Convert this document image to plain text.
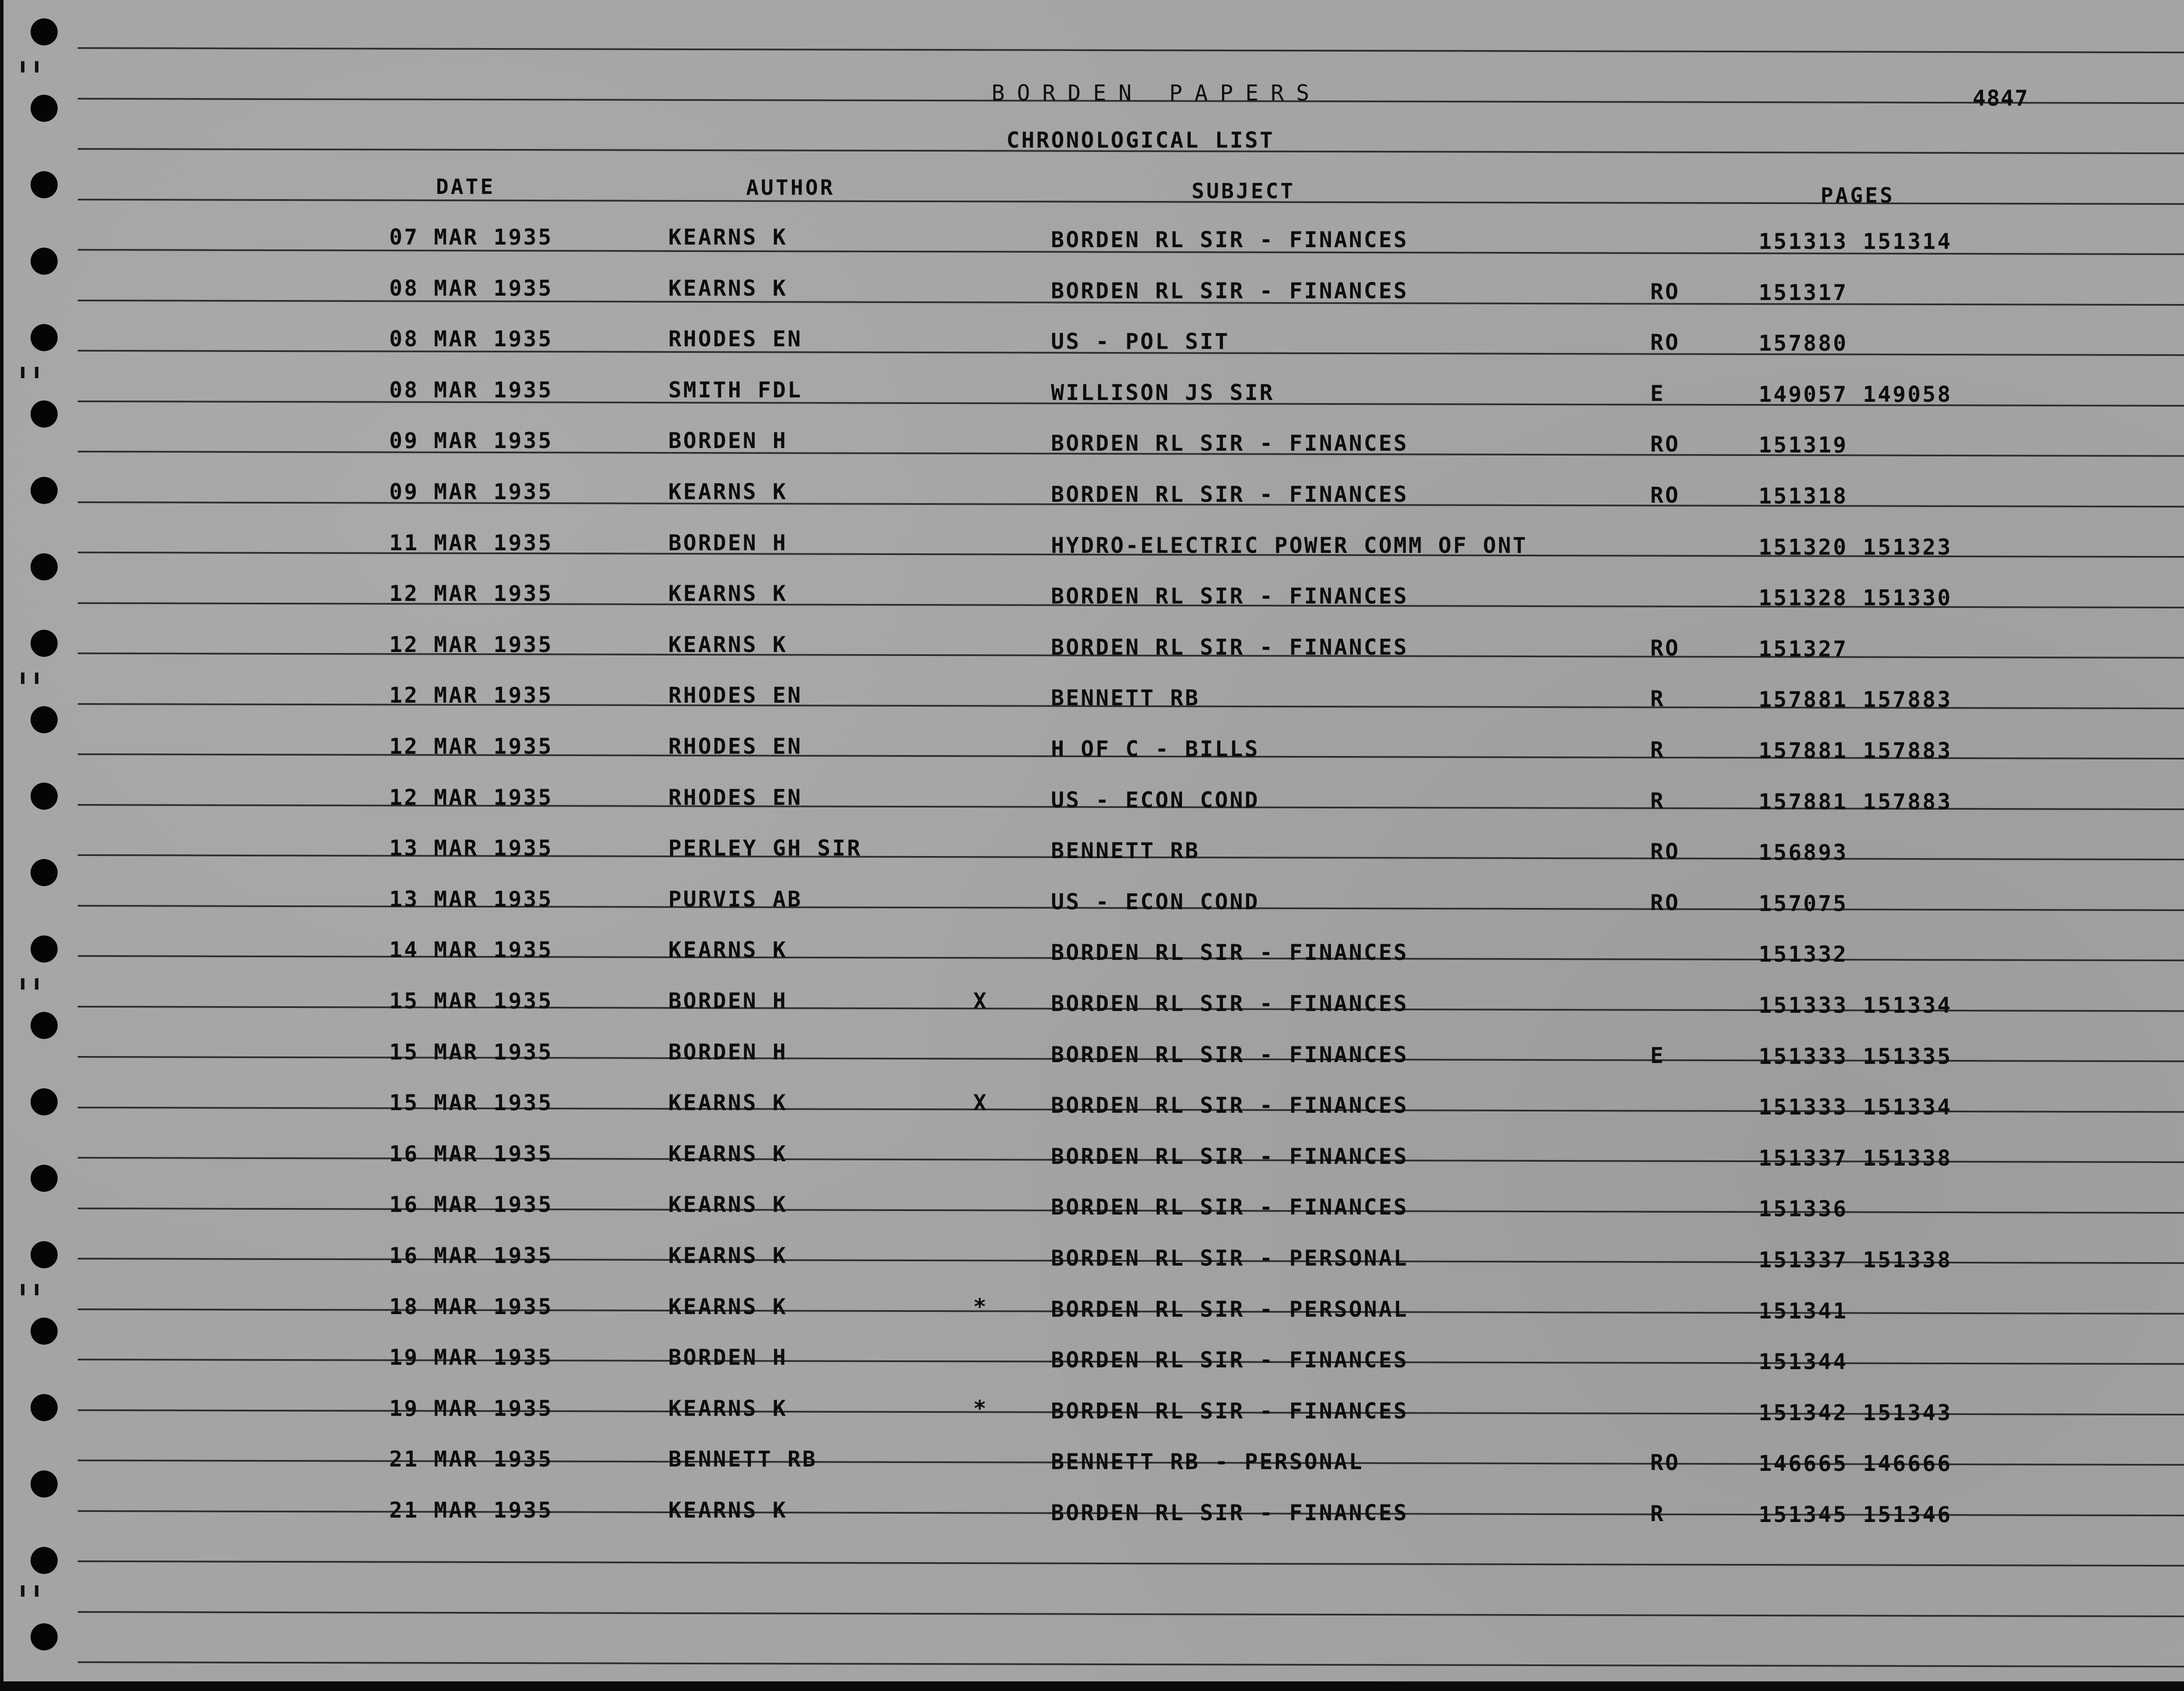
BORDEN PAPERS	4847
CHRONOLOGICAL LIST
DATE	AUTHOR	SUBJECT	PAGES
07 MAR 1935	KEARNS K	BORDEN RL SIR - FINANCES	151313 151314
08 MAR 1935	KEARNS K	BORDEN RL SIR - FINANCES	RO	151317
08 MAR 1935	RHODES EN	US - POL SIT	RO	157880
08 MAR 1935	SMITH FDL	WILLISON JS SIR	E	149057 149058
09 MAR 1935	BORDEN H	BORDEN RL SIR - FINANCES	RO	151319
09 MAR 1935	KEARNS K	BORDEN RL SIR - FINANCES	RO	151318
11 MAR 1935	BORDEN H	HYDRO-ELECTRIC POWER COMM OF ONT	151320 151323
12 MAR 1935	KEARNS K	BORDEN RL SIR - FINANCES	151328 151330
12 MAR 1935	KEARNS K	BORDEN RL SIR - FINANCES	RO	151327
12 MAR 1935	RHODES EN	BENNETT RB	R	157881 157883
12 MAR 1935	RHODES EN	H OF C - BILLS	R	157881 157883
12 MAR 1935	RHODES EN	US - ECON COND	R	157881 157883
13 MAR 1935	PERLEY GH SIR	BENNETT RB	RO	156893
13 MAR 1935	PURVIS AB	US - ECON COND	RO	157075
14 MAR 1935	KEARNS K	BORDEN RL SIR - FINANCES	151332
15 MAR 1935	BORDEN H	X	BORDEN RL SIR - FINANCES	151333 151334
15 MAR 1935	BORDEN H	BORDEN RL SIR - FINANCES	E	151333 151335
15 MAR 1935	KEARNS K	X	BORDEN RL SIR - FINANCES	151333 151334
16 MAR 1935	KEARNS K	BORDEN RL SIR - FINANCES	151337 151338
16 MAR 1935	KEARNS K	BORDEN RL SIR - FINANCES	151336
16 MAR 1935	KEARNS K	BORDEN RL SIR - PERSONAL	151337 151338
18 MAR 1935	KEARNS K	*	BORDEN RL SIR - PERSONAL	151341
19 MAR 1935	BORDEN H	BORDEN RL SIR - FINANCES	151344
19 MAR 1935	KEARNS K	*	BORDEN RL SIR - FINANCES	151342 151343
21 MAR 1935	BENNETT RB	BENNETT RB - PERSONAL	RO	146665 146666
21 MAR 1935	KEARNS K	BORDEN RL SIR - FINANCES	R	151345 151346
